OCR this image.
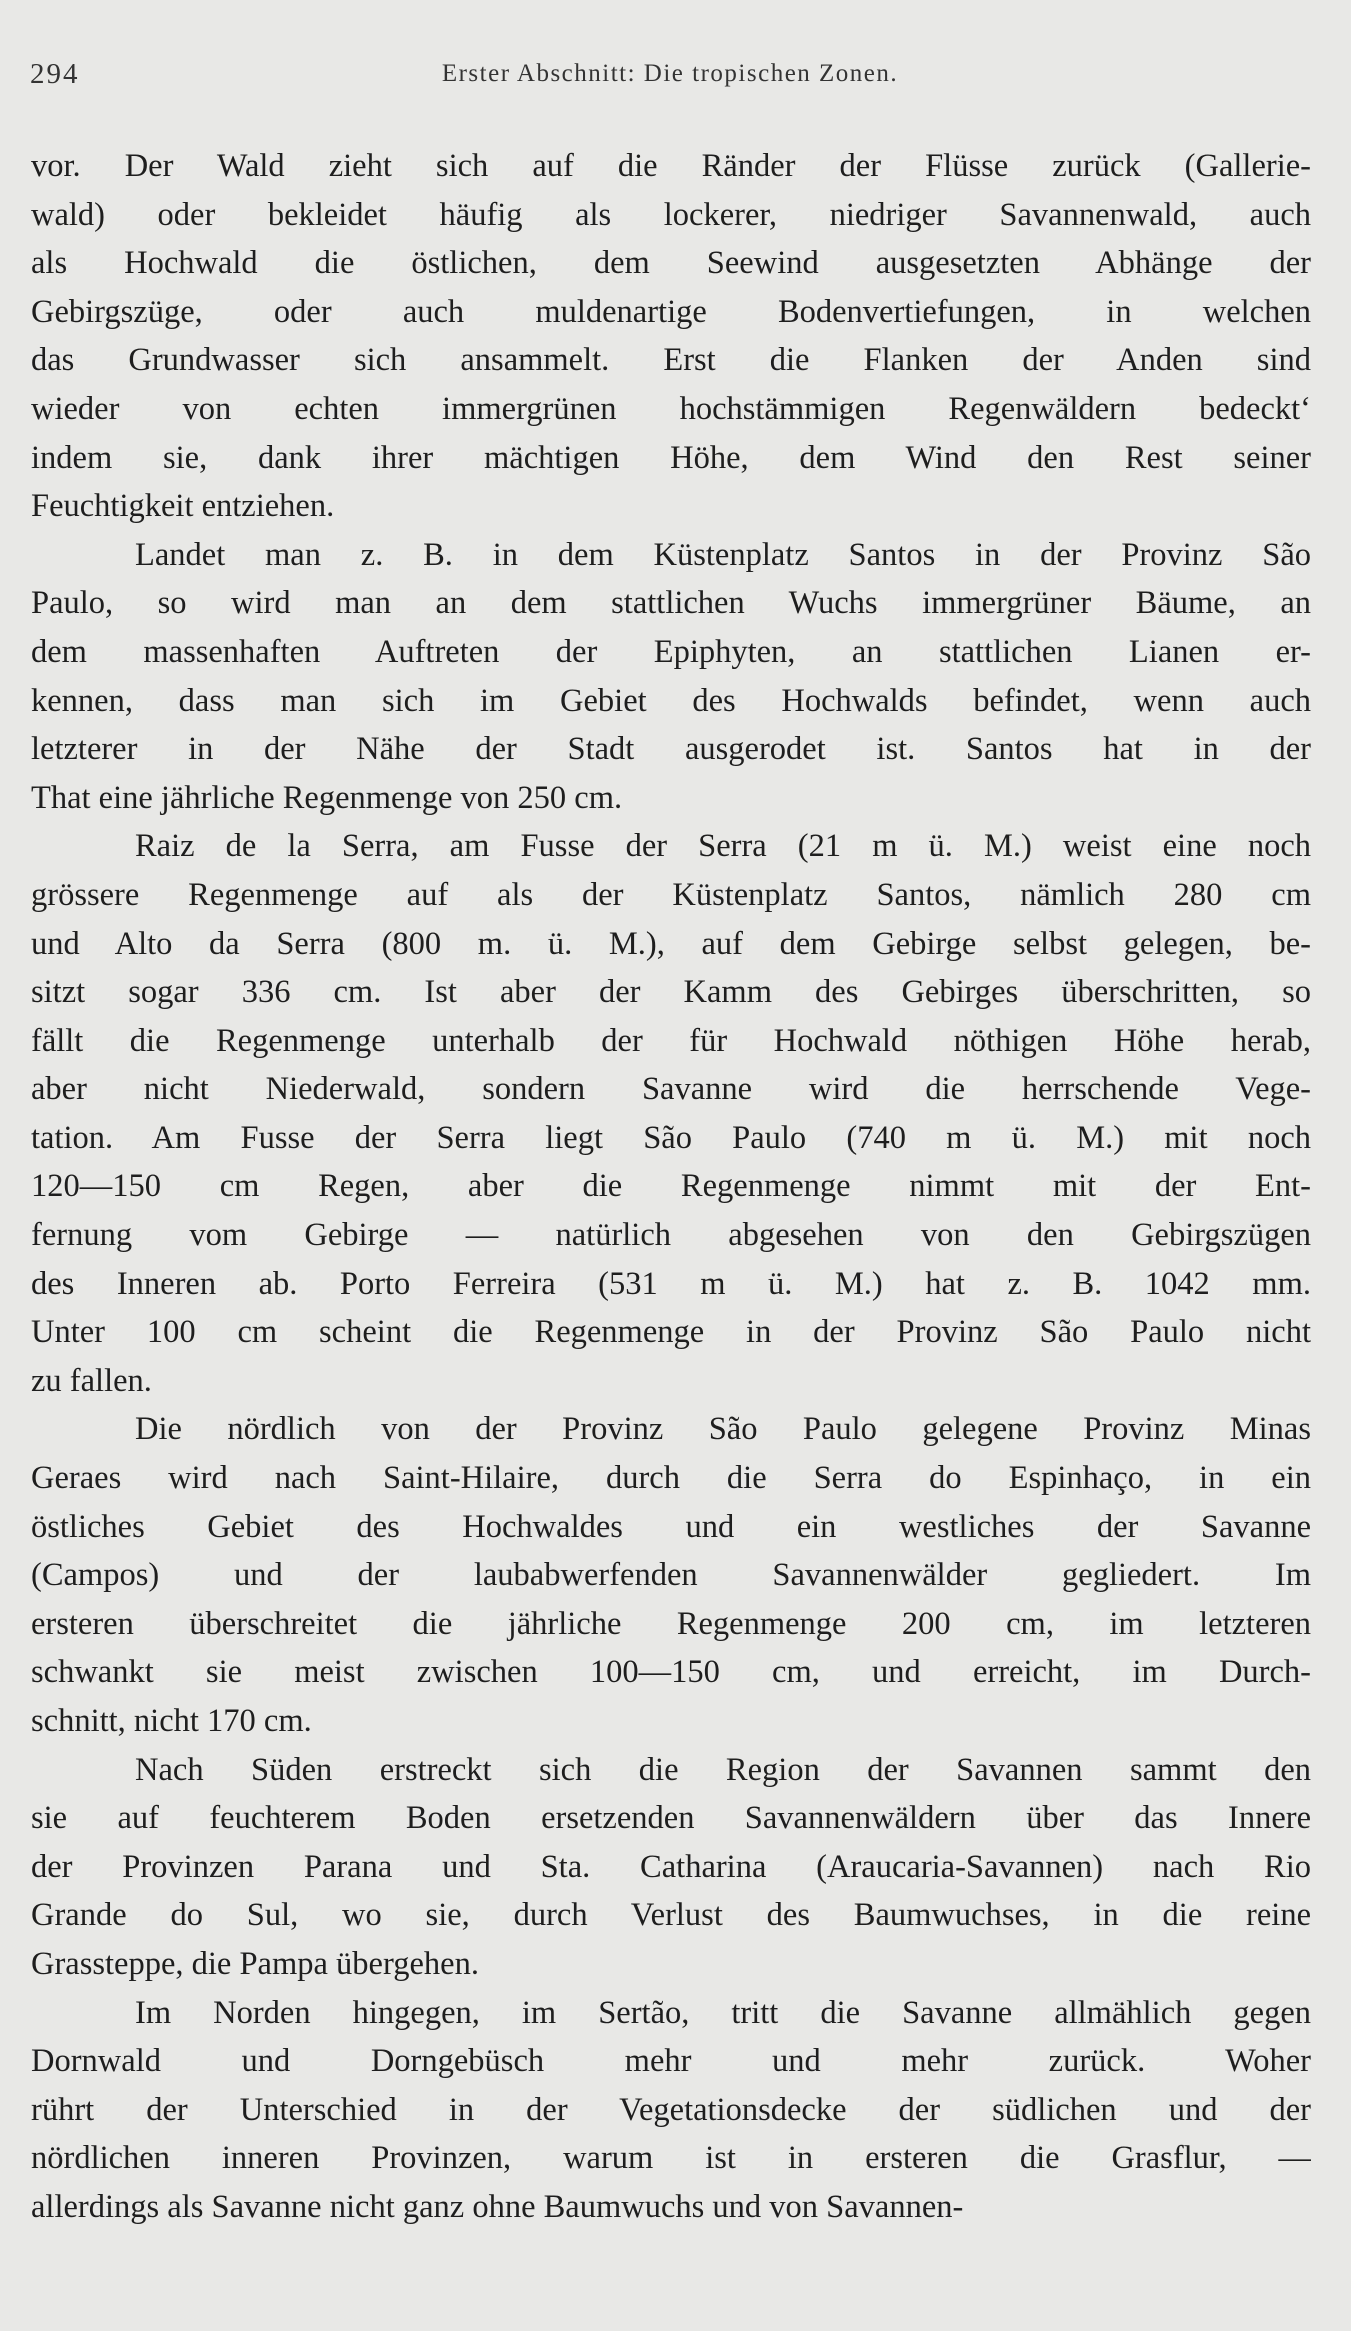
294	Erster Abschnitt: Die tropischen Zonen.
vor. Der Wald zieht sich auf die Ränder der Flüsse zurück (Gallerie-
wald) oder bekleidet häufig als lockerer, niedriger Savannenwald, auch
als Hochwald die östlichen, dem Seewind ausgesetzten Abhänge der
Gebirgszüge, oder auch muldenartige Bodenvertiefungen, in welchen
das Grundwasser sich ansammelt. Erst die Flanken der Anden sind
wieder von echten immergrünen hochstämmigen Regenwäldern bedeckt‘
indem sie, dank ihrer mächtigen Höhe, dem Wind den Rest seiner
Feuchtigkeit entziehen.
Landet man z. B. in dem Küstenplatz Santos in der Provinz São
Paulo, so wird man an dem stattlichen Wuchs immergrüner Bäume, an
dem massenhaften Auftreten der Epiphyten, an stattlichen Lianen er-
kennen, dass man sich im Gebiet des Hochwalds befindet, wenn auch
letzterer in der Nähe der Stadt ausgerodet ist. Santos hat in der
That eine jährliche Regenmenge von 250 cm.
Raiz de la Serra, am Fusse der Serra (21 m ü. M.) weist eine noch
grössere Regenmenge auf als der Küstenplatz Santos, nämlich 280 cm
und Alto da Serra (800 m. ü. M.), auf dem Gebirge selbst gelegen, be-
sitzt sogar 336 cm. Ist aber der Kamm des Gebirges überschritten, so
fällt die Regenmenge unterhalb der für Hochwald nöthigen Höhe herab,
aber nicht Niederwald, sondern Savanne wird die herrschende Vege-
tation. Am Fusse der Serra liegt São Paulo (740 m ü. M.) mit noch
120—150 cm Regen, aber die Regenmenge nimmt mit der Ent-
fernung vom Gebirge — natürlich abgesehen von den Gebirgszügen
des Inneren ab. Porto Ferreira (531 m ü. M.) hat z. B. 1042 mm.
Unter 100 cm scheint die Regenmenge in der Provinz São Paulo nicht
zu fallen.
Die nördlich von der Provinz São Paulo gelegene Provinz Minas
Geraes wird nach Saint-Hilaire, durch die Serra do Espinhaço, in ein
östliches Gebiet des Hochwaldes und ein westliches der Savanne
(Campos) und der laubabwerfenden Savannenwälder gegliedert. Im
ersteren überschreitet die jährliche Regenmenge 200 cm, im letzteren
schwankt sie meist zwischen 100—150 cm, und erreicht, im Durch-
schnitt, nicht 170 cm.
Nach Süden erstreckt sich die Region der Savannen sammt den
sie auf feuchterem Boden ersetzenden Savannenwäldern über das Innere
der Provinzen Parana und Sta. Catharina (Araucaria-Savannen) nach Rio
Grande do Sul, wo sie, durch Verlust des Baumwuchses, in die reine
Grassteppe, die Pampa übergehen.
Im Norden hingegen, im Sertão, tritt die Savanne allmählich gegen
Dornwald und Dorngebüsch mehr und mehr zurück. Woher
rührt der Unterschied in der Vegetationsdecke der südlichen und der
nördlichen inneren Provinzen, warum ist in ersteren die Grasflur, —
allerdings als Savanne nicht ganz ohne Baumwuchs und von Savannen-
